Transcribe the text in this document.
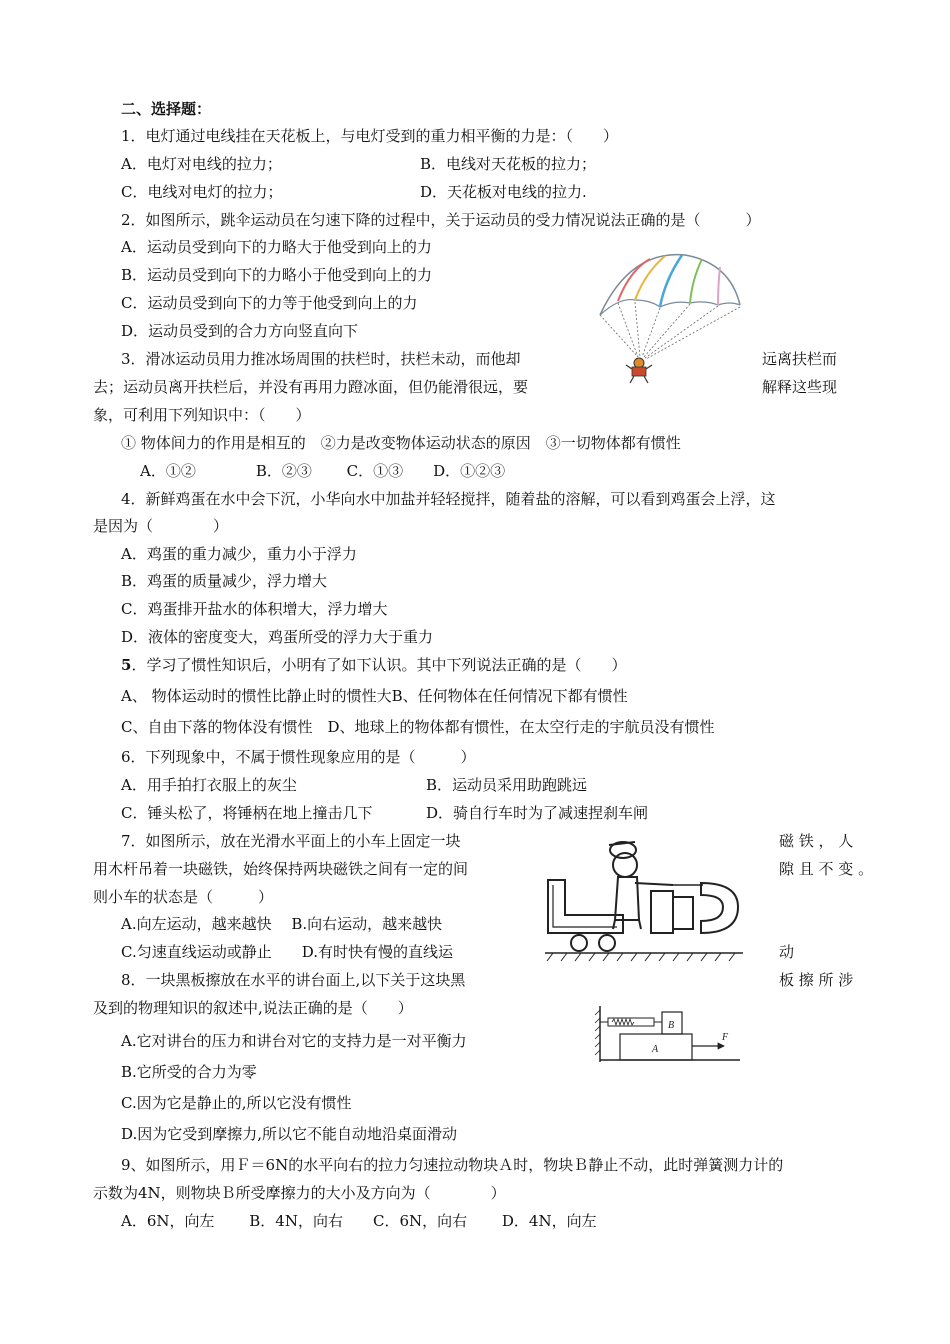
二、选择题：
1．电灯通过电线挂在天花板上，与电灯受到的重力相平衡的力是：（　　）
A．电灯对电线的拉力；	B．电线对天花板的拉力；
C．电线对电灯的拉力；	D．天花板对电线的拉力.
2．如图所示，跳伞运动员在匀速下降的过程中，关于运动员的受力情况说法正确的是（　　　）
A．运动员受到向下的力略大于他受到向上的力
B．运动员受到向下的力略小于他受到向上的力
C．运动员受到向下的力等于他受到向上的力
D．运动员受到的合力方向竖直向下
3．滑冰运动员用力推冰场周围的扶栏时，扶栏未动，而他却	远离扶栏而
去；运动员离开扶栏后，并没有再用力蹬冰面，但仍能滑很远，要	解释这些现
象，可利用下列知识中：（　　）
① 物体间力的作用是相互的　②力是改变物体运动状态的原因　③一切物体都有惯性
A．①②　　　　B．②③　　 C．①③　　D．①②③
4．新鲜鸡蛋在水中会下沉，小华向水中加盐并轻轻搅拌，随着盐的溶解，可以看到鸡蛋会上浮，这
是因为（　　　　）
A．鸡蛋的重力减少，重力小于浮力
B．鸡蛋的质量减少，浮力增大
C．鸡蛋排开盐水的体积增大，浮力增大
D．液体的密度变大，鸡蛋所受的浮力大于重力
5．学习了惯性知识后，小明有了如下认识。其中下列说法正确的是（　　）
A、 物体运动时的惯性比静止时的惯性大B、任何物体在任何情况下都有惯性
C、自由下落的物体没有惯性　D、地球上的物体都有惯性，在太空行走的宇航员没有惯性
6．下列现象中，不属于惯性现象应用的是（　　　）
A．用手拍打衣服上的灰尘	B．运动员采用助跑跳远
C．锤头松了，将锤柄在地上撞击几下	D．骑自行车时为了减速捏刹车闸
7．如图所示，放在光滑水平面上的小车上固定一块	磁 铁 ， 人
用木杆吊着一块磁铁，始终保持两块磁铁之间有一定的间	隙 且 不 变 。
则小车的状态是（　　　）
A.向左运动，越来越快　 B.向右运动，越来越快
C.匀速直线运动或静止　　D.有时快有慢的直线运	动
8．一块黑板擦放在水平的讲台面上,以下关于这块黑	板 擦 所 涉
及到的物理知识的叙述中,说法正确的是（　　）
A.它对讲台的压力和讲台对它的支持力是一对平衡力
B.它所受的合力为零
C.因为它是静止的,所以它没有惯性
D.因为它受到摩擦力,所以它不能自动地沿桌面滑动
B
A
F
9、如图所示，用Ｆ＝6N的水平向右的拉力匀速拉动物块Ａ时，物块Ｂ静止不动，此时弹簧测力计的
示数为4N，则物块Ｂ所受摩擦力的大小及方向为（　　　　）
A．6N，向左　　 B．4N，向右　　C．6N，向右　　 D．4N，向左
